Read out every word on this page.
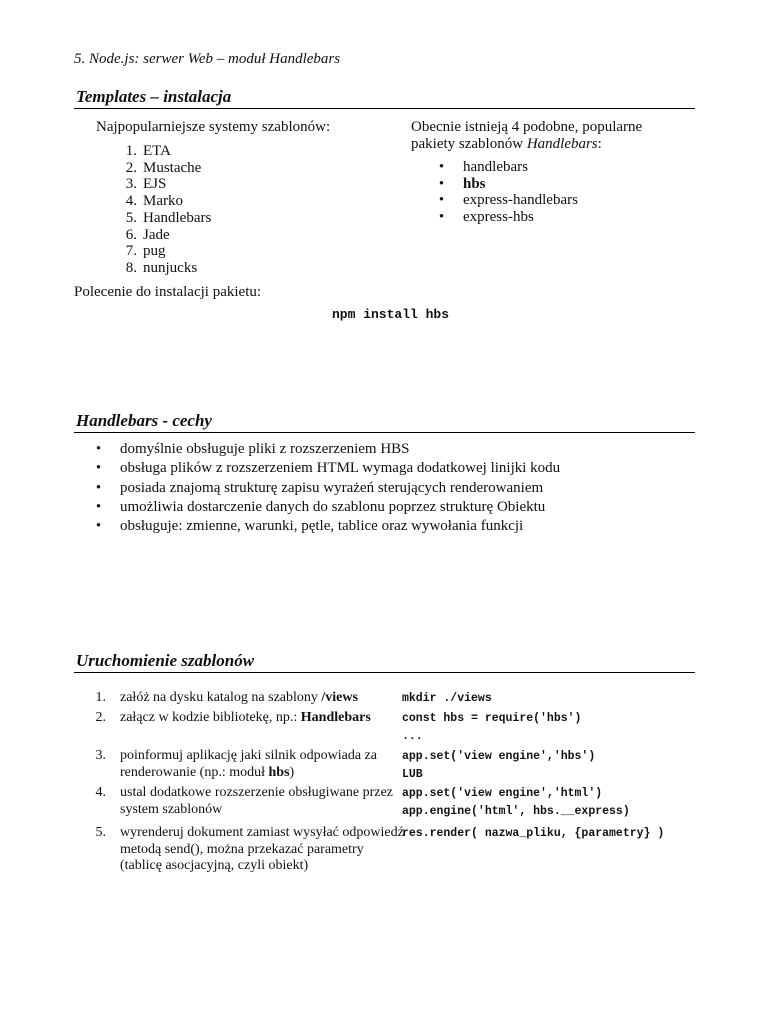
5. Node.js: serwer Web – moduł Handlebars
Templates – instalacja
Najpopularniejsze systemy szablonów:
1. ETA
2. Mustache
3. EJS
4. Marko
5. Handlebars
6. Jade
7. pug
8. nunjucks
Obecnie istnieją 4 podobne, popularne
pakiety szablonów Handlebars:
•	handlebars
•	hbs
•	express-handlebars
•	express-hbs
Polecenie do instalacji pakietu:
npm install hbs
Handlebars - cechy
•	domyślnie obsługuje pliki z rozszerzeniem HBS
•	obsługa plików z rozszerzeniem HTML wymaga dodatkowej linijki kodu
•	posiada znajomą strukturę zapisu wyrażeń sterujących renderowaniem
•	umożliwia dostarczenie danych do szablonu poprzez strukturę Obiektu
•	obsługuje: zmienne, warunki, pętle, tablice oraz wywołania funkcji
Uruchomienie szablonów
1. załóż na dysku katalog na szablony /views	mkdir ./views
2. załącz w kodzie bibliotekę, np.: Handlebars	const hbs = require('hbs')
...
3. poinformuj aplikację jaki silnik odpowiada za renderowanie (np.: moduł hbs)
app.set('view engine','hbs')
LUB
4. ustal dodatkowe rozszerzenie obsługiwane przez system szablonów
app.set('view engine','html')
app.engine('html', hbs.__express)
5. wyrenderuj dokument zamiast wysyłać odpowiedź metodą send(), można przekazać parametry (tablicę asocjacyjną, czyli obiekt)
res.render( nazwa_pliku, {parametry} )
